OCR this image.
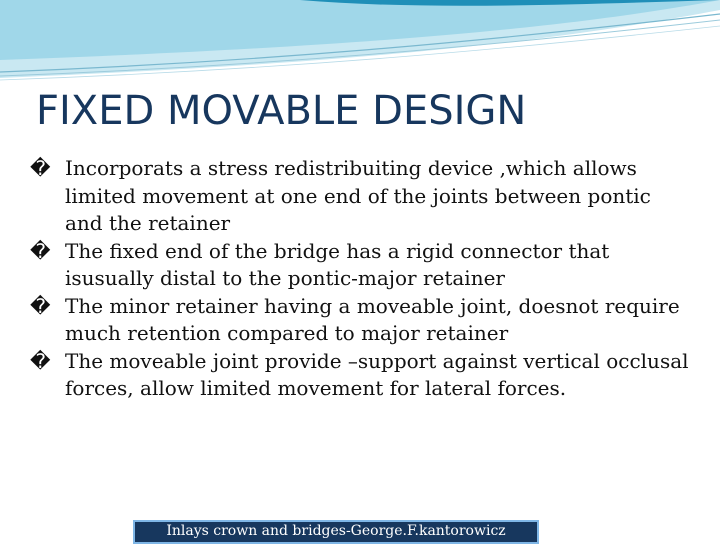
FIXED MOVABLE DESIGN
� Incorporats a stress redistribuiting device ,which allows limited movement at one end of the joints between pontic and the retainer
� The fixed end of the bridge has a rigid connector that isusually distal to the pontic-major retainer
� The minor retainer having a moveable joint, doesnot require much retention compared to major retainer
� The moveable joint provide –support against vertical occlusal forces, allow limited movement for lateral forces.
Inlays crown and bridges-George.F.kantorowicz
